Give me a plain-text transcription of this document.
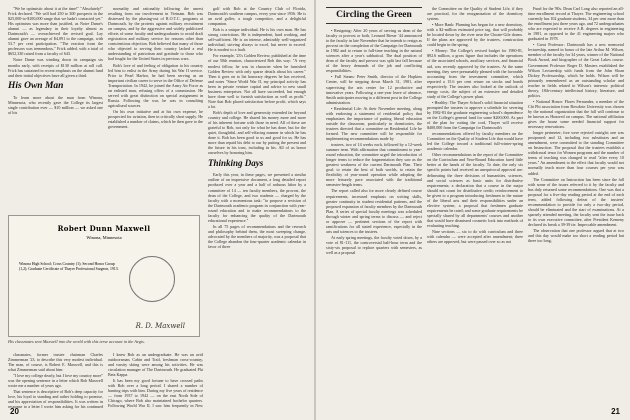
"We be optimistic about it at the time!" "Absolutely!" Frick declared. "We will had 250 to 300 prospects in the $25,000-to-$100,000 range that we hadn't contacted yet." His optimism was more than justified, as Notre Dame's alumni — as legendary in their loyalty almost as Dartmouth's — overachieved the revised goal. Lay alumni gave an average of $4,091 to the campaign, with 53.7 per cent participation. "The reaction from the professors was tremendous," Frick added, with a total of $652,330 raised from a faculty of 643.

Notre Dame was winding down its campaign six months early, with receipts of $130 million at roll call. Frick has sustained in recent emphasis on the alumni fund and their initial objectives have all given a third.

His Own Man

To learn more about the man from Winona, Minnesota, who recently gave the College its largest single contribution ever — $10 million — we asked one of his

Robert Dunn Maxwell
Winona, Minnesota
Winona High School; Cross Country (1); Second Honor Group (1,2); Graduate Certificate of Thayer Professional Surgeon, 1913.
R. D. Maxwell
His classmates sent Maxwell into the world with this terse account in the Aegis.

classmates, former trustee chairman Charles Zimmerman '23, to describe this very modest individual. The man, of course, is Robert E. Maxwell, and this is what Zimmerman said about him:

"I love my college dearly, but I love my country more" was the opening sentence in a letter which Bob Maxwell wrote me a number of years ago.

That sentence is descriptive of Bob's deep capacity for love, his loyal to standing and rather holding to promise, and his appreciation of responsibilities. It was written in response to a letter I wrote him asking for his continued

normality and rationality following the unrest resulting from our involvement in Vietnam. Bob was distressed by the phasing-out of R.O.T.C. programs at Dartmouth, by the protests against military recruitment on campus, and by the aggressive and widely publicized efforts of some faculty and undergraduates to avoid draft registration and military service for reasons other than conscientious objection. Bob believed that many of those who objected to serving their country lacked a real understanding of patriotism and gratitude to those who had fought for the United States in previous wars.

Bob's love of and feeling of obligation to his country led him to enlist in the Army during his War II service. Prior to Pearl Harbor, he had been serving as an important civilian career to serve in the Office of Defense Transportation. In 1942, he joined the Army Air Force as an enlisted man, refusing offers of a commission. He served with great distinction on special assignment in Russia. Following the war, he was in consulting agricultural sources.

On his own initiative and at his own expense, he prospected for aviation, then in critically short supply. He established a number of claims, which he then gave to the government.

I knew Bob as an undergraduate. He was an avid outdoorsman, Cabin and Trail, freshman cross-country, and varsity skiing were among his activities. He was circulation manager of The Dartmouth. He graduated Phi Beta Kappa.

It has been my good fortune to have crossed paths with Bob over a long period. I shared a number of hunting trips with him. During my five years of residence — from 1937 to 1942 — on the east North Side of Chicago, where Bob also maintained bachelor quarters. Following World War II, I saw him frequently in New

golf with Bob at the Country Club of Florida, Dartmouth's southern campus, every year since 1956. He is an avid golfer, a tough competitor, and a delightful companion.

Bob is a unique individual. He is his own man. He has strong convictions. He is independent, hard working, and self-sufficient. He is an intense, admirably well-organized individual, striving always to excel, but never to exceed. He is modest to a fault.

For example, '23's Golden Review, published at the time of our 50th reunion, characterized Bob this way: "A very modest fellow, he was in character when he furnished Golden Review with only sparse details about his career." Then it goes on to list honorary degrees he has received, and notes "Since World War II, my principal activity has been in private venture capital and advice to new small business enterprises. Not all have succeeded, but enough have done well to furnish satisfaction as well as profit." Note that Bob placed satisfaction before profit, which says a lot.

Bob's depth of love and generosity extended far beyond country and college. He shared his money more and more of his inherent fortune with those in need. All of these are grateful to Bob, not only for what he has done, but for the quiet, thoughtful, and self-effacing manner in which he has done it. Bob has been good to us and good for us. He has more than repaid his debt to our by putting the present and the future in his trust, including in his. All of us honor ourselves by honoring him.

Thinking Days

Early this year, in these pages, we presented a similar outline of an impressive document, a long detailed report produced over a year and a half of arduous labor by a committee of 14 — ten faculty members, the provost, the dean of the College, and two students — charged by the faculty with a momentous task: "to propose a revision of the Dartmouth academic program in conjunction with year-round education and to make recommendations to the faculty for enhancing the quality of the Dartmouth educational experience."

In all 75 pages of recommendations and the research and philosophy behind them, the most sweeping change, advocated by the members of majority, was a proposal that the College abandon the four-quarter academic calendar in favor of three

20
Circling the Green

• Resigning: After 20 years of serving as dean of the faculty or provost or both, Leonard Rieser '44 announced to the faculty in late November that he intends to resign as provost on the completion of the Campaign for Dartmouth in 1982 and to return to full-time teaching in the natural sciences after a year's sabbatical. The dual position of dean of the faculty and provost was split last fall because of the heavy demands of the job and conflicting responsibilities.

• Full Steam: Peter Smith, director of the Hopkins Center, will be stepping down March 31, 1981, after supervising the arts center for 12 productive and innovative years. Following a one-year leave of absence, Smith anticipates moving to a different post in the College administration.

• Residential Life: At their November meeting, along with endorsing a statement of residential policy that emphasizes the importance of putting liberal education outside the classroom, particularly in dormitories, the trustees directed that a committee on Residential Life be formed. The new committee will be responsible for implementing recommendations made by

trustees, two of 14 weeks each, followed by a 12-week summer term. With affirmation that commitment to year-round education, the committee urged the introduction of longer terms to reduce the fragmentation they saw as the greatest weakness of the current Dartmouth Plan. Their goal: to retain the best of both worlds, to retain the flexibility of year-round operation while adopting the more leisurely pace associated with the traditional semester-length terms.

The report called also for more clearly defined course requirements, increased emphasis on writing skills, greater continuity in student residential patterns, and the proposed expansion of faculty members by the Dartmouth Plan. A series of special faculty meetings was scheduled through winter and spring terms to discuss — and reject or approve — pertinent sections of the report with ramifications for all stated experience, especially in the arts and sciences to the trustees.

At early spring meetings, the faculty voted down, by a vote of 81-111, the controversial half-hour term and the sixty-six proposal to replace quarters with semesters, as well as a proposal

the Committee on the Quality of Student Life, if they are practical, for the reorganization of the dormitory system.

• More Bank: Planning has begun for a new dormitory, with a $2-million estimated price tag, that will probably be located down by the river near the Choate-Gile dorms. If the plans are approved by the trustees, construction could begin in the spring.

• Money: The College's revised budget for 1980-81, $92.6 million, a gross figure that includes the operations of the associated schools, auxiliary services, and financial aid, was recently approved by the trustees. At the same meeting, they were presumably pleased with the favorable accounting from the investment committee, which reported a 15.6 per cent return on stocks and bonds respectively. The trustees also looked at the outlook of energy costs, the subject of an extensive and detailed study of the College's power plant.

• Healthy: The Thayer School's solid financial situation prompted the trustees to approve a schedule for severing by 1982-83 the graduate engineering school's dependence on the College's general fund for some $200,000. As part of the plan for cutting the cord, Thayer will receive $400,000 from the Campaign for Dartmouth's

recommendations offered by faculty members on the Committee on the Quality of Student Life that would have led the College toward a traditional full-winter-spring academic calendar.

Other recommendations in the report of the Committee on the Curriculum and Year-Round Education fared little better at the hands of the faculty. To date, the only six specific points had received an unequivocal approval are: delineating the three divisions of humanities, sciences, and social sciences as basic units for distributive requirements; a declaration that a course in the major should not count for distributive credit; reinforcement to be given to a program introducing freshmen to the nature of the liberal arts and their responsibilities under an elective system; a proposal that freshmen graduate requirements be rated; and some graduate requirements be specially shared by all departments' courses and another that would have dismissed cosmetic look into methods of evaluating teaching.

Nine sections — six to do with curriculum and three with calendar — were accepted after amendment; three others are approved, but were passed over so as not

Fund for the '80s. Dean Carl Long also reported an all-time enrollment record at Thayer. The engineering school currently has 102 graduate students, 34 per cent more than the enrollment just three years ago, and 72 undergraduates who are expected to receive A.B. degrees in engineering in 1981, as opposed to the 41 engineering majors who graduated in 1978.

• Great Professor: Dartmouth has a new memorial lectureship, named in honor of the late Arthur M. Wilson, member of the faculty for 34 years, winner of the National Book Award, and biographer of the Great Lakes course. Government Professor Roger D. Masters established the Wilson Lectureship with funds from the John Sloan Dickey Professorship, which he holds. Wilson will be primarily remembered as an outstanding scholar and teacher in fields related to Wilson's interests: political theory, 18th-century intellectual history, literature, and politics.

• National Honor: Flores Fernandez, a member of the Chi Phi association from Bowdoin University was chosen by the national organization that the fall will continue to be known as Honored on campus. The national affiliation gives the house some needed financial support for necessary renovations.

longer perimeter; fore were rejected outright; one was postponed; and 12, including two substitutes and an amendment, were committed to the standing Committee on Instruction. The proposal that the trustees establish a withdrawal tenor for Women programs and the number of terms of teaching was changed to read "after every 10 years." An amendment to the effect that faculty would not normally teach more than four courses per year was added.

The Committee on Instruction has been since the fall with some of the issues referred to it by the faculty and has duly returned some recommendations. One was that a proposal for a five-day reading period at the end of each term, added following defeat of the trustees' recommendation to provide for only a two-day period, should be eliminated and the start of examinations. At a sparsely attended meeting, the faculty sent the issue back to its own executive committee, after President Kemeny declared its break a 39-39 tie. Impeccable amendment.

The observation that one professor argued that at two and this day would make too short a reading period but three too long,

21
